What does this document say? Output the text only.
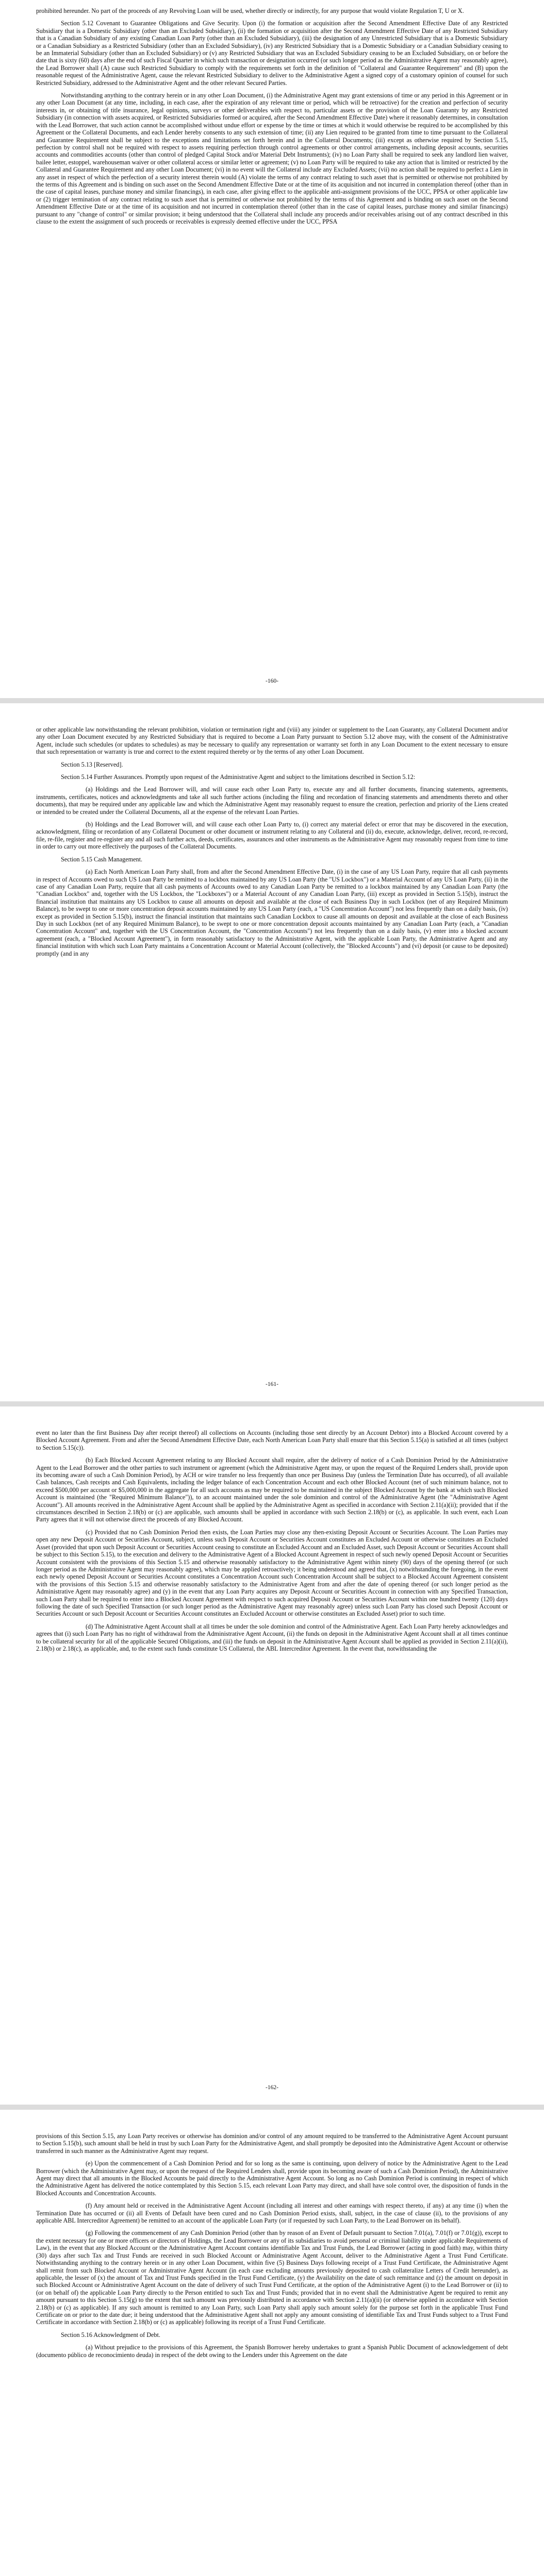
prohibited hereunder. No part of the proceeds of any Revolving Loan will be used, whether directly or indirectly, for any purpose that would violate Regulation T, U or X.

Section 5.12 Covenant to Guarantee Obligations and Give Security. Upon (i) the formation or acquisition after the Second Amendment Effective Date of any Restricted Subsidiary that is a Domestic Subsidiary (other than an Excluded Subsidiary), (ii) the formation or acquisition after the Second Amendment Effective Date of any Restricted Subsidiary that is a Canadian Subsidiary of any existing Canadian Loan Party (other than an Excluded Subsidiary), (iii) the designation of any Unrestricted Subsidiary that is a Domestic Subsidiary or a Canadian Subsidiary as a Restricted Subsidiary (other than an Excluded Subsidiary), (iv) any Restricted Subsidiary that is a Domestic Subsidiary or a Canadian Subsidiary ceasing to be an Immaterial Subsidiary (other than an Excluded Subsidiary) or (v) any Restricted Subsidiary that was an Excluded Subsidiary ceasing to be an Excluded Subsidiary, on or before the date that is sixty (60) days after the end of such Fiscal Quarter in which such transaction or designation occurred (or such longer period as the Administrative Agent may reasonably agree), the Lead Borrower shall (A) cause such Restricted Subsidiary to comply with the requirements set forth in the definition of "Collateral and Guarantee Requirement" and (B) upon the reasonable request of the Administrative Agent, cause the relevant Restricted Subsidiary to deliver to the Administrative Agent a signed copy of a customary opinion of counsel for such Restricted Subsidiary, addressed to the Administrative Agent and the other relevant Secured Parties.

Notwithstanding anything to the contrary herein or in any other Loan Document, (i) the Administrative Agent may grant extensions of time or any period in this Agreement or in any other Loan Document (at any time, including, in each case, after the expiration of any relevant time or period, which will be retroactive) for the creation and perfection of security interests in, or obtaining of title insurance, legal opinions, surveys or other deliverables with respect to, particular assets or the provision of the Loan Guaranty by any Restricted Subsidiary (in connection with assets acquired, or Restricted Subsidiaries formed or acquired, after the Second Amendment Effective Date) where it reasonably determines, in consultation with the Lead Borrower, that such action cannot be accomplished without undue effort or expense by the time or times at which it would otherwise be required to be accomplished by this Agreement or the Collateral Documents, and each Lender hereby consents to any such extension of time; (ii) any Lien required to be granted from time to time pursuant to the Collateral and Guarantee Requirement shall be subject to the exceptions and limitations set forth herein and in the Collateral Documents; (iii) except as otherwise required by Section 5.15, perfection by control shall not be required with respect to assets requiring perfection through control agreements or other control arrangements, including deposit accounts, securities accounts and commodities accounts (other than control of pledged Capital Stock and/or Material Debt Instruments); (iv) no Loan Party shall be required to seek any landlord lien waiver, bailee letter, estoppel, warehouseman waiver or other collateral access or similar letter or agreement; (v) no Loan Party will be required to take any action that is limited or restricted by the Collateral and Guarantee Requirement and any other Loan Document; (vi) in no event will the Collateral include any Excluded Assets; (vii) no action shall be required to perfect a Lien in any asset in respect of which the perfection of a security interest therein would (A) violate the terms of any contract relating to such asset that is permitted or otherwise not prohibited by the terms of this Agreement and is binding on such asset on the Second Amendment Effective Date or at the time of its acquisition and not incurred in contemplation thereof (other than in the case of capital leases, purchase money and similar financings), in each case, after giving effect to the applicable anti-assignment provisions of the UCC, PPSA or other applicable law or (2) trigger termination of any contract relating to such asset that is permitted or otherwise not prohibited by the terms of this Agreement and is binding on such asset on the Second Amendment Effective Date or at the time of its acquisition and not incurred in contemplation thereof (other than in the case of capital leases, purchase money and similar financings) pursuant to any "change of control" or similar provision; it being understood that the Collateral shall include any proceeds and/or receivables arising out of any contract described in this clause to the extent the assignment of such proceeds or receivables is expressly deemed effective under the UCC, PPSA

-160-

or other applicable law notwithstanding the relevant prohibition, violation or termination right and (viii) any joinder or supplement to the Loan Guaranty, any Collateral Document and/or any other Loan Document executed by any Restricted Subsidiary that is required to become a Loan Party pursuant to Section 5.12 above may, with the consent of the Administrative Agent, include such schedules (or updates to schedules) as may be necessary to qualify any representation or warranty set forth in any Loan Document to the extent necessary to ensure that such representation or warranty is true and correct to the extent required thereby or by the terms of any other Loan Document.

Section 5.13 [Reserved].

Section 5.14 Further Assurances. Promptly upon request of the Administrative Agent and subject to the limitations described in Section 5.12:

(a) Holdings and the Lead Borrower will, and will cause each other Loan Party to, execute any and all further documents, financing statements, agreements, instruments, certificates, notices and acknowledgments and take all such further actions (including the filing and recordation of financing statements and amendments thereto and other documents), that may be required under any applicable law and which the Administrative Agent may reasonably request to ensure the creation, perfection and priority of the Liens created or intended to be created under the Collateral Documents, all at the expense of the relevant Loan Parties.

(b) Holdings and the Lead Borrower will, and will cause each other Loan Party to, (i) correct any material defect or error that may be discovered in the execution, acknowledgment, filing or recordation of any Collateral Document or other document or instrument relating to any Collateral and (ii) do, execute, acknowledge, deliver, record, re-record, file, re-file, register and re-register any and all such further acts, deeds, certificates, assurances and other instruments as the Administrative Agent may reasonably request from time to time in order to carry out more effectively the purposes of the Collateral Documents.

Section 5.15 Cash Management.

(a) Each North American Loan Party shall, from and after the Second Amendment Effective Date, (i) in the case of any US Loan Party, require that all cash payments in respect of Accounts owed to such US Loan Party be remitted to a lockbox maintained by any US Loan Party (the "US Lockbox") or a Material Account of any US Loan Party, (ii) in the case of any Canadian Loan Party, require that all cash payments of Accounts owed to any Canadian Loan Party be remitted to a lockbox maintained by any Canadian Loan Party (the "Canadian Lockbox" and, together with the US Lockbox, the "Lockboxes") or a Material Account of any Canadian Loan Party, (iii) except as provided in Section 5.15(b), instruct the financial institution that maintains any US Lockbox to cause all amounts on deposit and available at the close of each Business Day in such Lockbox (net of any Required Minimum Balance), to be swept to one or more concentration deposit accounts maintained by any US Loan Party (each, a "US Concentration Account") not less frequently than on a daily basis, (iv) except as provided in Section 5.15(b), instruct the financial institution that maintains such Canadian Lockbox to cause all amounts on deposit and available at the close of each Business Day in such Lockbox (net of any Required Minimum Balance), to be swept to one or more concentration deposit accounts maintained by any Canadian Loan Party (each, a "Canadian Concentration Account" and, together with the US Concentration Account, the "Concentration Accounts") not less frequently than on a daily basis, (v) enter into a blocked account agreement (each, a "Blocked Account Agreement"), in form reasonably satisfactory to the Administrative Agent, with the applicable Loan Party, the Administrative Agent and any financial institution with which such Loan Party maintains a Concentration Account or Material Account (collectively, the "Blocked Accounts") and (vi) deposit (or cause to be deposited) promptly (and in any

-161-

event no later than the first Business Day after receipt thereof) all collections on Accounts (including those sent directly by an Account Debtor) into a Blocked Account covered by a Blocked Account Agreement. From and after the Second Amendment Effective Date, each North American Loan Party shall ensure that this Section 5.15(a) is satisfied at all times (subject to Section 5.15(c)).

(b) Each Blocked Account Agreement relating to any Blocked Account shall require, after the delivery of notice of a Cash Dominion Period by the Administrative Agent to the Lead Borrower and the other parties to such instrument or agreement (which the Administrative Agent may, or upon the request of the Required Lenders shall, provide upon its becoming aware of such a Cash Dominion Period), by ACH or wire transfer no less frequently than once per Business Day (unless the Termination Date has occurred), of all available Cash balances, Cash receipts and Cash Equivalents, including the ledger balance of each Concentration Account and each other Blocked Account (net of such minimum balance, not to exceed $500,000 per account or $5,000,000 in the aggregate for all such accounts as may be required to be maintained in the subject Blocked Account by the bank at which such Blocked Account is maintained (the "Required Minimum Balance")), to an account maintained under the sole dominion and control of the Administrative Agent (the "Administrative Agent Account"). All amounts received in the Administrative Agent Account shall be applied by the Administrative Agent as specified in accordance with Section 2.11(a)(ii); provided that if the circumstances described in Section 2.18(b) or (c) are applicable, such amounts shall be applied in accordance with such Section 2.18(b) or (c), as applicable. In such event, each Loan Party agrees that it will not otherwise direct the proceeds of any Blocked Account.

(c) Provided that no Cash Dominion Period then exists, the Loan Parties may close any then-existing Deposit Account or Securities Account. The Loan Parties may open any new Deposit Account or Securities Account, subject, unless such Deposit Account or Securities Account constitutes an Excluded Account or otherwise constitutes an Excluded Asset (provided that upon such Deposit Account or Securities Account ceasing to constitute an Excluded Account and an Excluded Asset, such Deposit Account or Securities Account shall be subject to this Section 5.15), to the execution and delivery to the Administrative Agent of a Blocked Account Agreement in respect of such newly opened Deposit Account or Securities Account consistent with the provisions of this Section 5.15 and otherwise reasonably satisfactory to the Administrative Agent within ninety (90) days of the opening thereof (or such longer period as the Administrative Agent may reasonably agree), which may be applied retroactively; it being understood and agreed that, (x) notwithstanding the foregoing, in the event each newly opened Deposit Account or Securities Account constitutes a Concentration Account such Concentration Account shall be subject to a Blocked Account Agreement consistent with the provisions of this Section 5.15 and otherwise reasonably satisfactory to the Administrative Agent from and after the date of opening thereof (or such longer period as the Administrative Agent may reasonably agree) and (y) in the event that any Loan Party acquires any Deposit Account or Securities Account in connection with any Specified Transaction, such Loan Party shall be required to enter into a Blocked Account Agreement with respect to such acquired Deposit Account or Securities Account within one hundred twenty (120) days following the date of such Specified Transaction (or such longer period as the Administrative Agent may reasonably agree) unless such Loan Party has closed such Deposit Account or Securities Account or such Deposit Account or Securities Account constitutes an Excluded Account or otherwise constitutes an Excluded Asset) prior to such time.

(d) The Administrative Agent Account shall at all times be under the sole dominion and control of the Administrative Agent. Each Loan Party hereby acknowledges and agrees that (i) such Loan Party has no right of withdrawal from the Administrative Agent Account, (ii) the funds on deposit in the Administrative Agent Account shall at all times continue to be collateral security for all of the applicable Secured Obligations, and (iii) the funds on deposit in the Administrative Agent Account shall be applied as provided in Section 2.11(a)(ii), 2.18(b) or 2.18(c), as applicable, and, to the extent such funds constitute US Collateral, the ABL Intercreditor Agreement. In the event that, notwithstanding the

-162-

provisions of this Section 5.15, any Loan Party receives or otherwise has dominion and/or control of any amount required to be transferred to the Administrative Agent Account pursuant to Section 5.15(b), such amount shall be held in trust by such Loan Party for the Administrative Agent, and shall promptly be deposited into the Administrative Agent Account or otherwise transferred in such manner as the Administrative Agent may request.

(e) Upon the commencement of a Cash Dominion Period and for so long as the same is continuing, upon delivery of notice by the Administrative Agent to the Lead Borrower (which the Administrative Agent may, or upon the request of the Required Lenders shall, provide upon its becoming aware of such a Cash Dominion Period), the Administrative Agent may direct that all amounts in the Blocked Accounts be paid directly to the Administrative Agent Account. So long as no Cash Dominion Period is continuing in respect of which the Administrative Agent has delivered the notice contemplated by this Section 5.15, each relevant Loan Party may direct, and shall have sole control over, the disposition of funds in the Blocked Accounts and Concentration Accounts.

(f) Any amount held or received in the Administrative Agent Account (including all interest and other earnings with respect thereto, if any) at any time (i) when the Termination Date has occurred or (ii) all Events of Default have been cured and no Cash Dominion Period exists, shall, subject, in the case of clause (ii), to the provisions of any applicable ABL Intercreditor Agreement) be remitted to an account of the applicable Loan Party (or if requested by such Loan Party, to the Lead Borrower on its behalf).

(g) Following the commencement of any Cash Dominion Period (other than by reason of an Event of Default pursuant to Section 7.01(a), 7.01(f) or 7.01(g)), except to the extent necessary for one or more officers or directors of Holdings, the Lead Borrower or any of its subsidiaries to avoid personal or criminal liability under applicable Requirements of Law), in the event that any Blocked Account or the Administrative Agent Account contains identifiable Tax and Trust Funds, the Lead Borrower (acting in good faith) may, within thirty (30) days after such Tax and Trust Funds are received in such Blocked Account or Administrative Agent Account, deliver to the Administrative Agent a Trust Fund Certificate. Notwithstanding anything to the contrary herein or in any other Loan Document, within five (5) Business Days following receipt of a Trust Fund Certificate, the Administrative Agent shall remit from such Blocked Account or Administrative Agent Account (in each case excluding amounts previously deposited to cash collateralize Letters of Credit hereunder), as applicable, the lesser of (x) the amount of Tax and Trust Funds specified in the Trust Fund Certificate, (y) the Availability on the date of such remittance and (z) the amount on deposit in such Blocked Account or Administrative Agent Account on the date of delivery of such Trust Fund Certificate, at the option of the Administrative Agent (i) to the Lead Borrower or (ii) to (or on behalf of) the applicable Loan Party directly to the Person entitled to such Tax and Trust Funds; provided that in no event shall the Administrative Agent be required to remit any amount pursuant to this Section 5.15(g) to the extent that such amount was previously distributed in accordance with Section 2.11(a)(ii) (or otherwise applied in accordance with Section 2.18(b) or (c) as applicable). If any such amount is remitted to any Loan Party, such Loan Party shall apply such amount solely for the purpose set forth in the applicable Trust Fund Certificate on or prior to the date due; it being understood that the Administrative Agent shall not apply any amount consisting of identifiable Tax and Trust Funds subject to a Trust Fund Certificate in accordance with Section 2.18(b) or (c) as applicable) following its receipt of a Trust Fund Certificate.

Section 5.16 Acknowledgment of Debt.

(a) Without prejudice to the provisions of this Agreement, the Spanish Borrower hereby undertakes to grant a Spanish Public Document of acknowledgement of debt (documento público de reconocimiento deuda) in respect of the debt owing to the Lenders under this Agreement on the date
